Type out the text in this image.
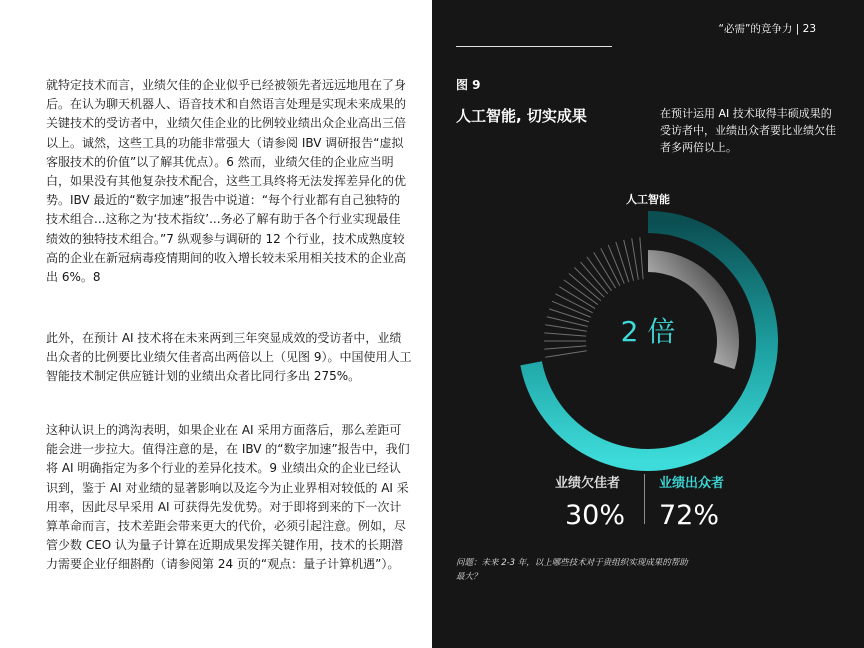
就特定技术而言，业绩欠佳的企业似乎已经被领先者远远地甩在了身后。在认为聊天机器人、语音技术和自然语言处理是实现未来成果的关键技术的受访者中，业绩欠佳企业的比例较业绩出众企业高出三倍以上。诚然，这些工具的功能非常强大（请参阅 IBV 调研报告“虚拟客服技术的价值”以了解其优点）。6 然而，业绩欠佳的企业应当明白，如果没有其他复杂技术配合，这些工具终将无法发挥差异化的优势。IBV 最近的“数字加速”报告中说道：“每个行业都有自己独特的技术组合...这称之为‘技术指纹’...务必了解有助于各个行业实现最佳绩效的独特技术组合。”7 纵观参与调研的 12 个行业，技术成熟度较高的企业在新冠病毒疫情期间的收入增长较未采用相关技术的企业高出 6%。8

此外，在预计 AI 技术将在未来两到三年突显成效的受访者中，业绩出众者的比例要比业绩欠佳者高出两倍以上（见图 9）。中国使用人工智能技术制定供应链计划的业绩出众者比同行多出 275%。

这种认识上的鸿沟表明，如果企业在 AI 采用方面落后，那么差距可能会进一步拉大。值得注意的是，在 IBV 的“数字加速”报告中，我们将 AI 明确指定为多个行业的差异化技术。9 业绩出众的企业已经认识到，鉴于 AI 对业绩的显著影响以及迄今为止业界相对较低的 AI 采用率，因此尽早采用 AI 可获得先发优势。对于即将到来的下一次计算革命而言，技术差距会带来更大的代价，必须引起注意。例如，尽管少数 CEO 认为量子计算在近期成果发挥关键作用，技术的长期潜力需要企业仔细斟酌（请参阅第 24 页的“观点：量子计算机遇”）。

“必需”的竞争力 | 23
图 9
人工智能, 切实成果	在预计运用 AI 技术取得丰硕成果的受访者中，业绩出众者要比业绩欠佳者多两倍以上。
人工智能
2 倍
业绩欠佳者	业绩出众者
30% 72%
问题：未来 2-3 年，以上哪些技术对于贵组织实现成果的帮助最大？
